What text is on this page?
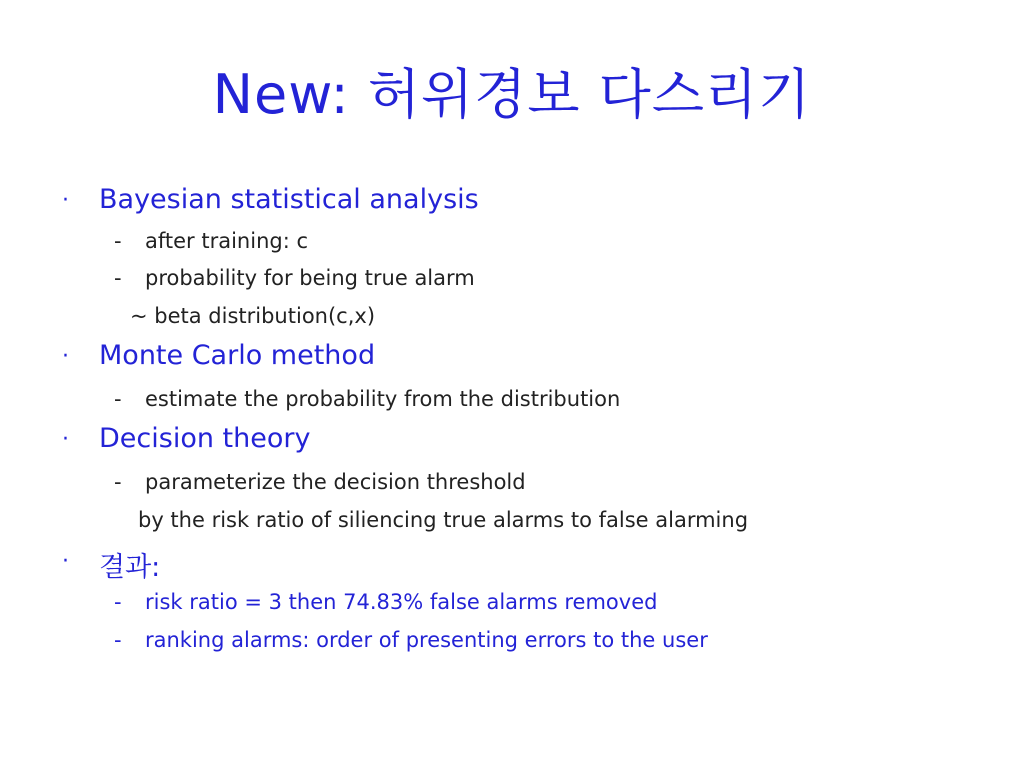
New: 허위경보 다스리기
· Bayesian statistical analysis
- after training: c
- probability for being true alarm
~ beta distribution(c,x)
· Monte Carlo method
- estimate the probability from the distribution
· Decision theory
- parameterize the decision threshold
by the risk ratio of siliencing true alarms to false alarming
· 결과:
- risk ratio = 3 then 74.83% false alarms removed
- ranking alarms: order of presenting errors to the user
